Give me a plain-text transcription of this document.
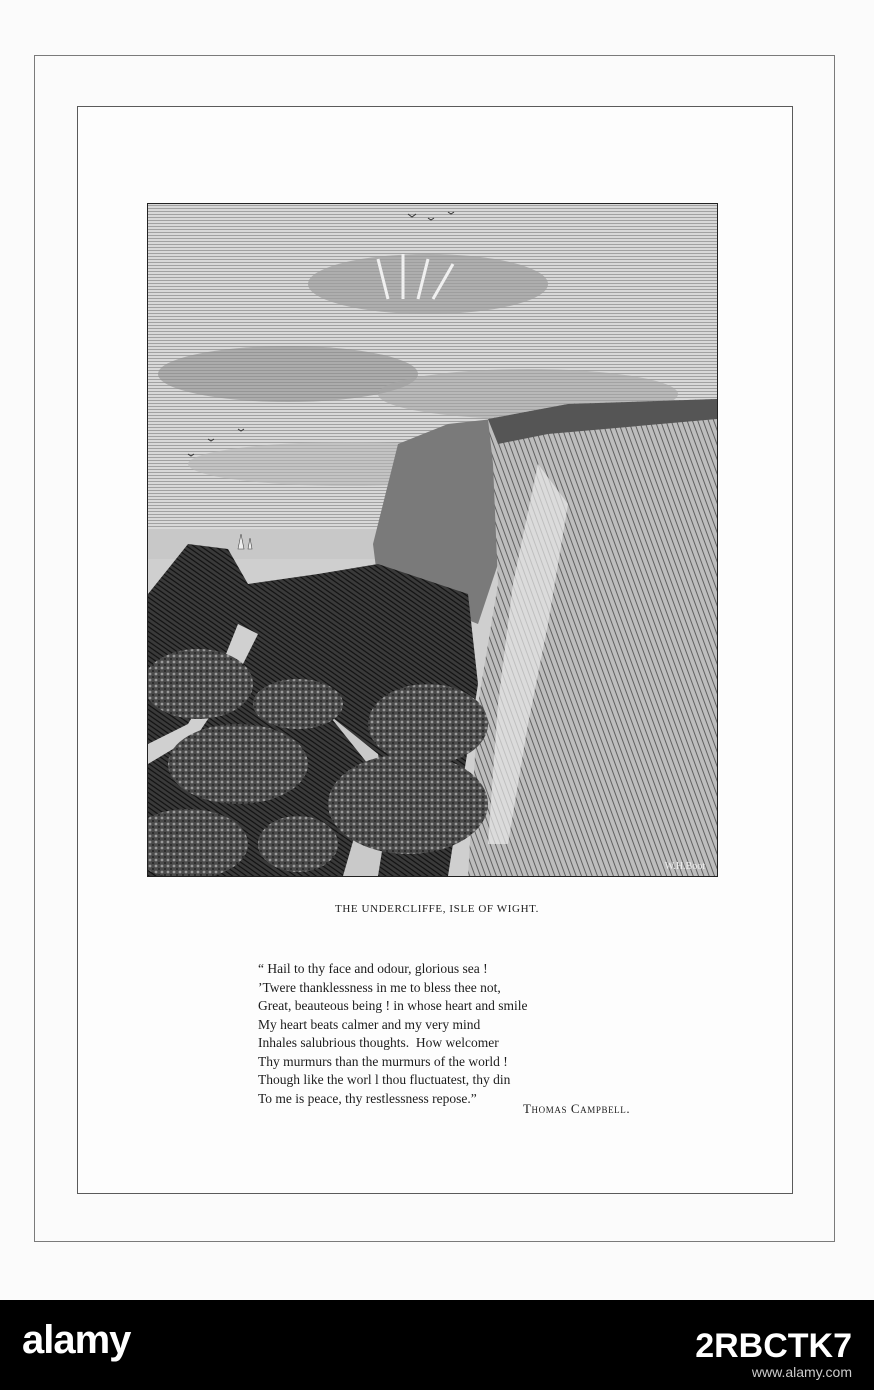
W.H.Boot
THE UNDERCLIFFE, ISLE OF WIGHT.
“ Hail to thy face and odour, glorious sea !
’Twere thanklessness in me to bless thee not,
Great, beauteous being ! in whose heart and smile
My heart beats calmer and my very mind
Inhales salubrious thoughts.  How welcomer
Thy murmurs than the murmurs of the world !
Though like the worl l thou fluctuatest, thy din
To me is peace, thy restlessness repose.”
Thomas Campbell.
alamy	2RBCTK7
www.alamy.com
